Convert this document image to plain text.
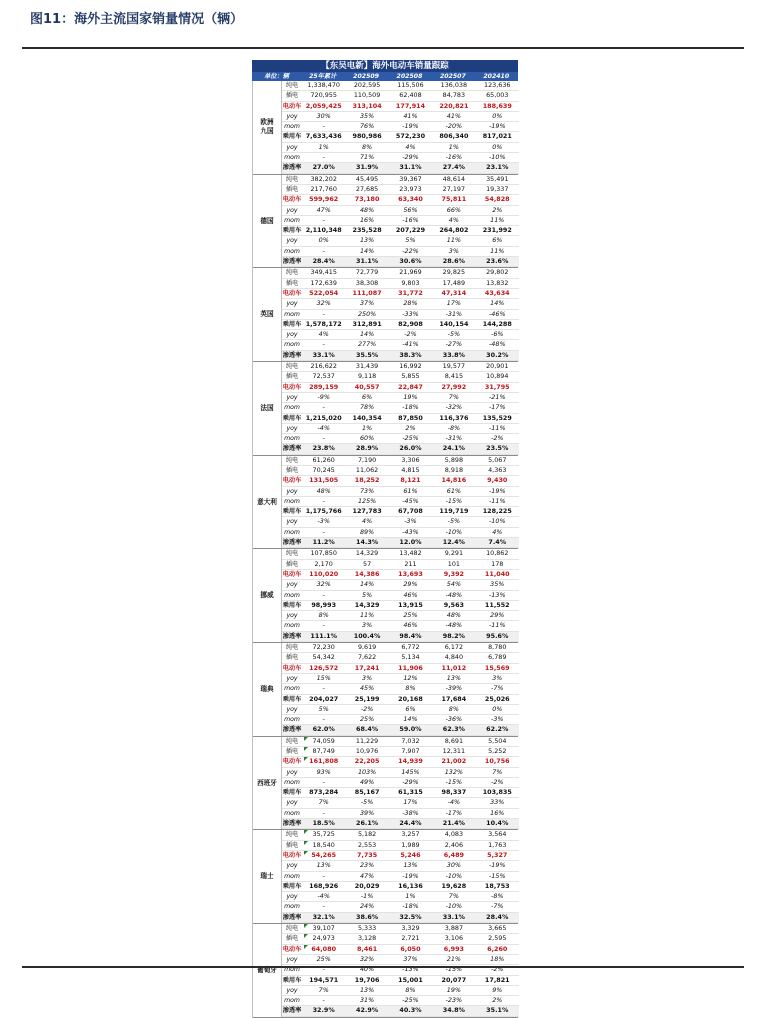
图11：海外主流国家销量情况（辆）
【东吴电新】海外电动车销量跟踪
单位：辆	25年累计	202509	202508	202507	202410
欧洲
九国
纯电	1,338,470	202,595	115,506	136,038	123,636
插电	720,955	110,509	62,408	84,783	65,003
电动车 2,059,425	313,104	177,914	220,821	188,639
yoy	30%	35%	41%	41%	0%
mom	-	76%	-19%	-20%	-19%
乘用车 7,633,436	980,986	572,230	806,340	817,021
yoy	1%	8%	4%	1%	0%
mom	-	71%	-29%	-16%	-10%
渗透率	27.0%	31.9%	31.1%	27.4%	23.1%
德国
纯电	382,202	45,495	39,367	48,614	35,491
插电	217,760	27,685	23,973	27,197	19,337
电动车	599,962	73,180	63,340	75,811	54,828
yoy	47%	48%	56%	66%	2%
mom	-	16%	-16%	4%	11%
乘用车 2,110,348	235,528	207,229	264,802	231,992
yoy	0%	13%	5%	11%	6%
mom	-	14%	-22%	3%	11%
渗透率	28.4%	31.1%	30.6%	28.6%	23.6%
英国
纯电	349,415	72,779	21,969	29,825	29,802
插电	172,639	38,308	9,803	17,489	13,832
电动车	522,054	111,087	31,772	47,314	43,634
yoy	32%	37%	28%	17%	14%
mom	-	250%	-33%	-31%	-46%
乘用车 1,578,172	312,891	82,908	140,154	144,288
yoy	4%	14%	-2%	-5%	-6%
mom	-	277%	-41%	-27%	-48%
渗透率	33.1%	35.5%	38.3%	33.8%	30.2%
法国
纯电	216,622	31,439	16,992	19,577	20,901
插电	72,537	9,118	5,855	8,415	10,894
电动车	289,159	40,557	22,847	27,992	31,795
yoy	-9%	6%	19%	7%	-21%
mom	-	78%	-18%	-32%	-17%
乘用车 1,215,020	140,354	87,850	116,376	135,529
yoy	-4%	1%	2%	-8%	-11%
mom	-	60%	-25%	-31%	-2%
渗透率	23.8%	28.9%	26.0%	24.1%	23.5%
意大利
纯电	61,260	7,190	3,306	5,898	5,067
插电	70,245	11,062	4,815	8,918	4,363
电动车	131,505	18,252	8,121	14,816	9,430
yoy	48%	73%	61%	61%	-19%
mom	-	125%	-45%	-15%	-11%
乘用车 1,175,766	127,783	67,708	119,719	128,225
yoy	-3%	4%	-3%	-5%	-10%
mom	-	89%	-43%	-10%	4%
渗透率	11.2%	14.3%	12.0%	12.4%	7.4%
挪威
纯电	107,850	14,329	13,482	9,291	10,862
插电	2,170	57	211	101	178
电动车	110,020	14,386	13,693	9,392	11,040
yoy	32%	14%	29%	54%	35%
mom	-	5%	46%	-48%	-13%
乘用车	98,993	14,329	13,915	9,563	11,552
yoy	8%	11%	25%	48%	29%
mom	-	3%	46%	-48%	-11%
渗透率	111.1%	100.4%	98.4%	98.2%	95.6%
瑞典
纯电	72,230	9,619	6,772	6,172	8,780
插电	54,342	7,622	5,134	4,840	6,789
电动车	126,572	17,241	11,906	11,012	15,569
yoy	15%	3%	12%	13%	3%
mom	-	45%	8%	-39%	-7%
乘用车	204,027	25,199	20,168	17,684	25,026
yoy	5%	-2%	6%	8%	0%
mom	-	25%	14%	-36%	-3%
渗透率	62.0%	68.4%	59.0%	62.3%	62.2%
西班牙
纯电	74,059	11,229	7,032	8,691	5,504
插电	87,749	10,976	7,907	12,311	5,252
电动车	161,808	22,205	14,939	21,002	10,756
yoy	93%	103%	145%	132%	7%
mom	-	49%	-29%	-15%	-2%
乘用车	873,284	85,167	61,315	98,337	103,835
yoy	7%	-5%	17%	-4%	33%
mom	-	39%	-38%	-17%	16%
渗透率	18.5%	26.1%	24.4%	21.4%	10.4%
瑞士
纯电	35,725	5,182	3,257	4,083	3,564
插电	18,540	2,553	1,989	2,406	1,763
电动车	54,265	7,735	5,246	6,489	5,327
yoy	13%	23%	13%	30%	-19%
mom	-	47%	-19%	-10%	-15%
乘用车	168,926	20,029	16,136	19,628	18,753
yoy	-4%	-1%	1%	7%	-8%
mom	-	24%	-18%	-10%	-7%
渗透率	32.1%	38.6%	32.5%	33.1%	28.4%
葡萄牙
纯电	39,107	5,333	3,329	3,887	3,665
插电	24,973	3,128	2,721	3,106	2,595
电动车	64,080	8,461	6,050	6,993	6,260
yoy	25%	32%	37%	21%	18%
mom	-	40%	-13%	-15%	-2%
乘用车	194,571	19,706	15,001	20,077	17,821
yoy	7%	13%	8%	19%	9%
mom	-	31%	-25%	-23%	2%
渗透率	32.9%	42.9%	40.3%	34.8%	35.1%
